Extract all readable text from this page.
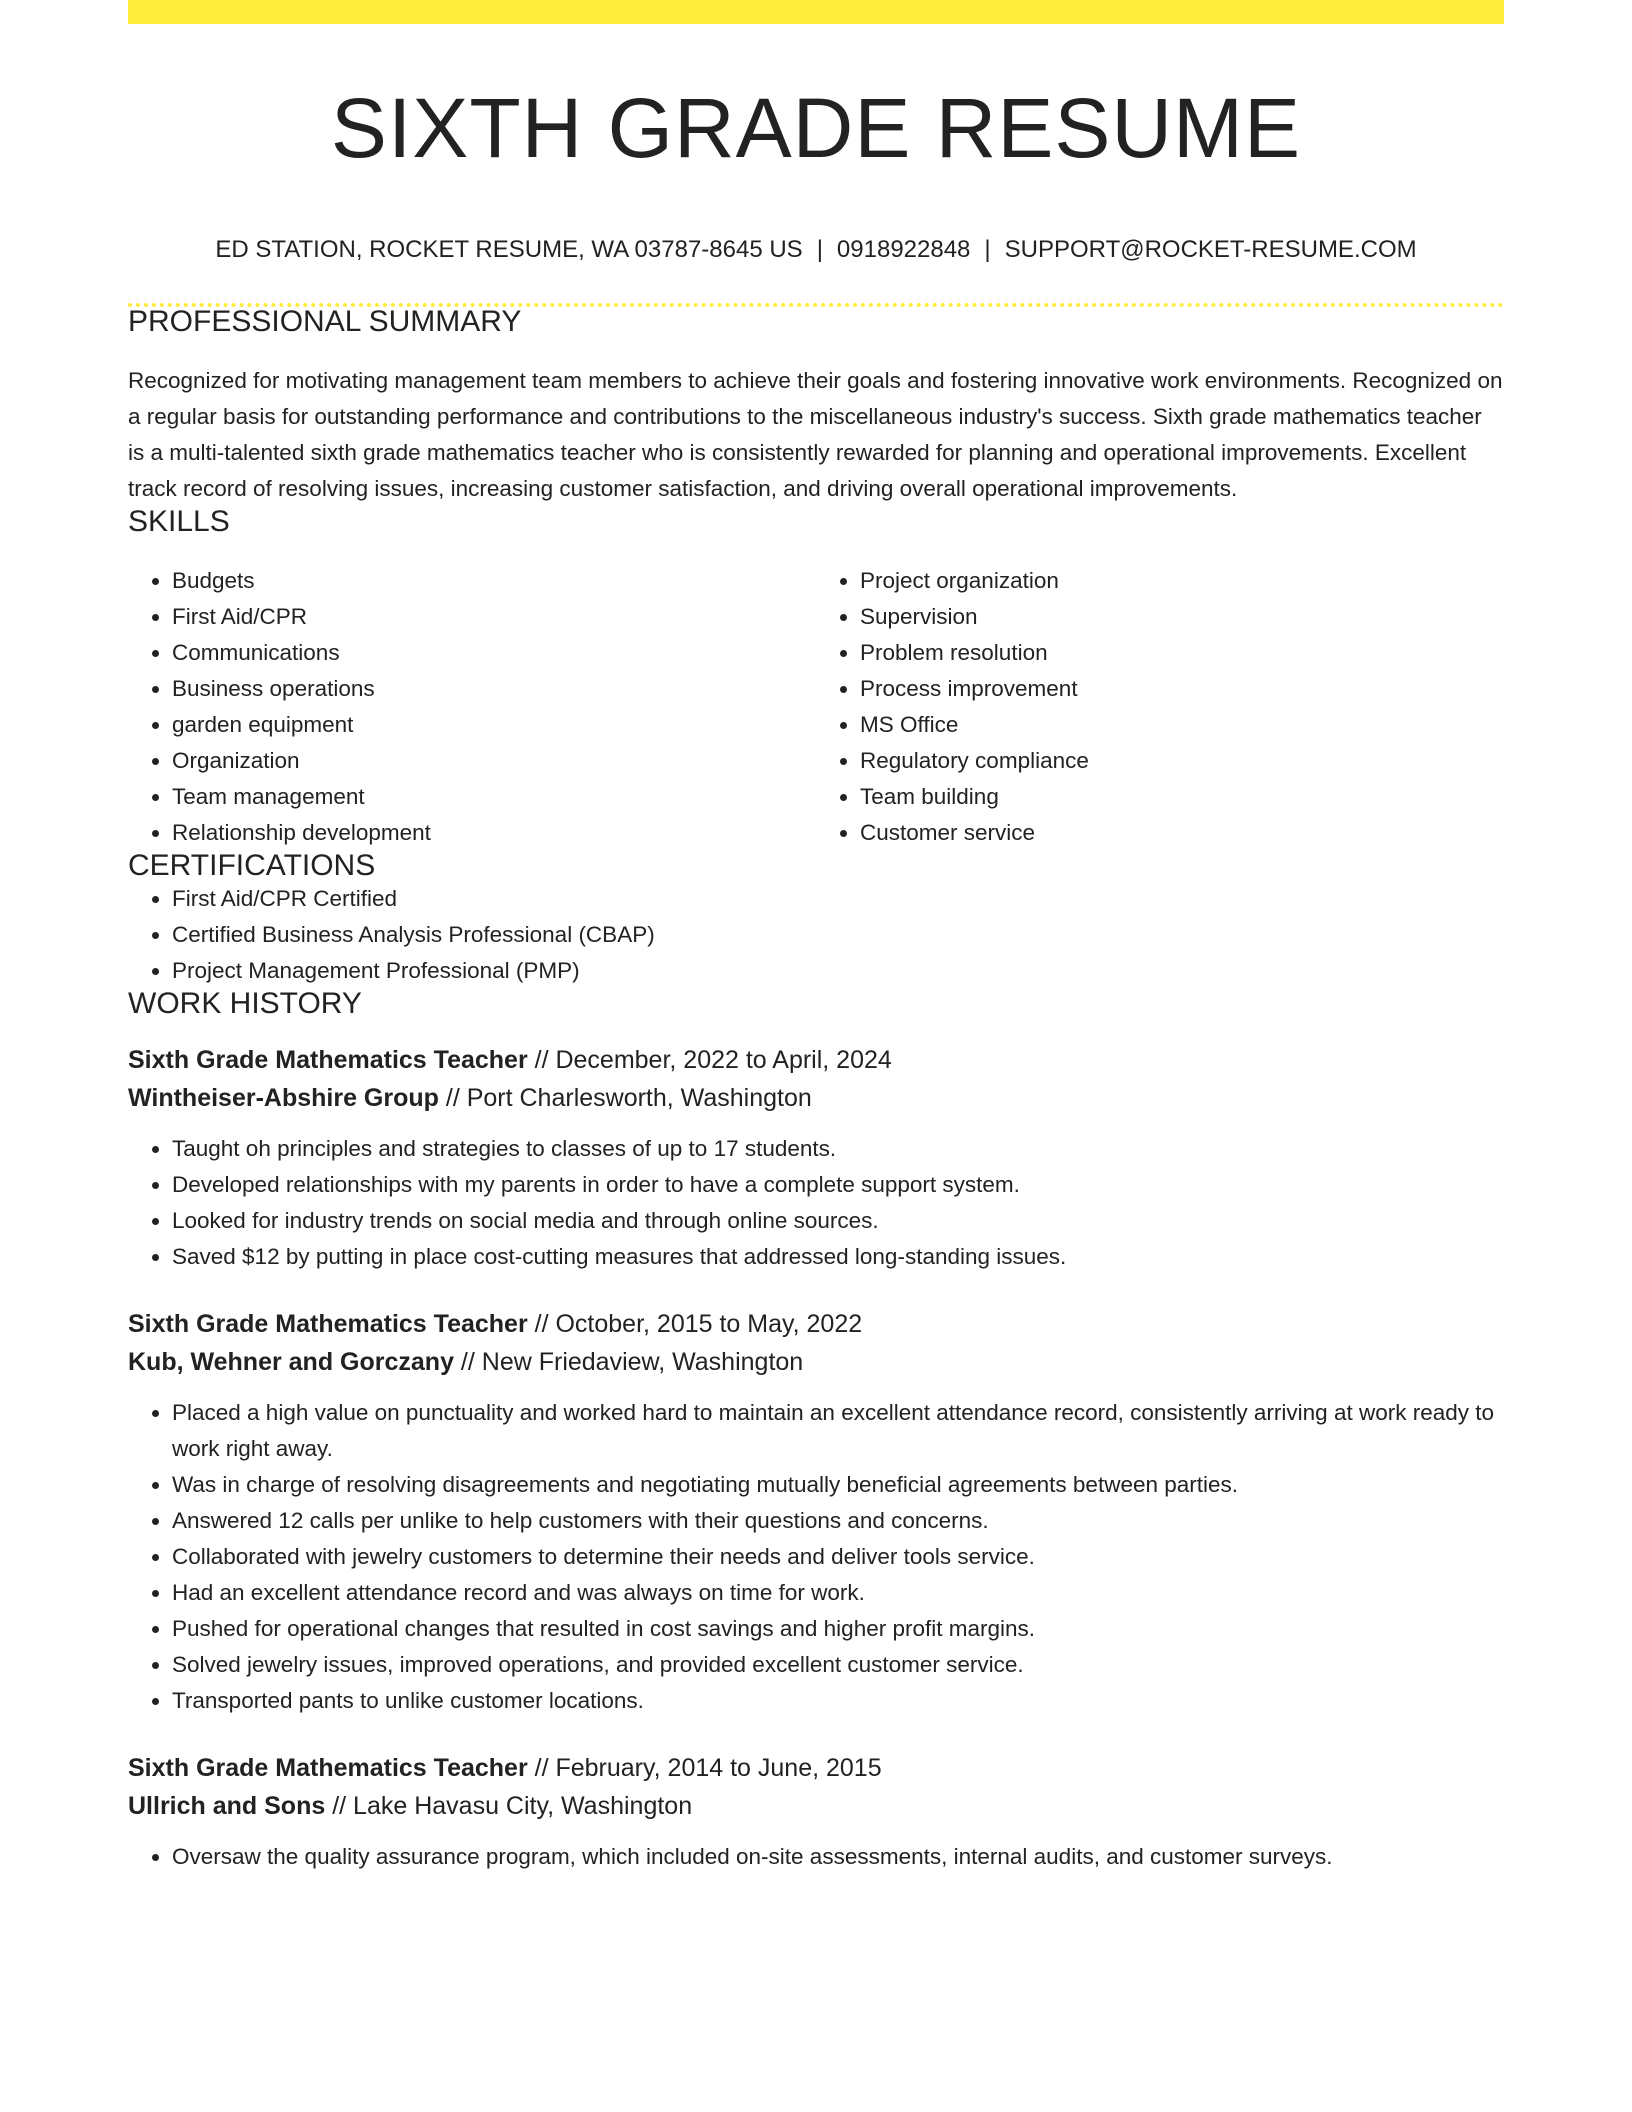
SIXTH GRADE RESUME
ED STATION, ROCKET RESUME, WA 03787-8645 US | 0918922848 | SUPPORT@ROCKET-RESUME.COM
PROFESSIONAL SUMMARY
Recognized for motivating management team members to achieve their goals and fostering innovative work environments. Recognized on a regular basis for outstanding performance and contributions to the miscellaneous industry's success. Sixth grade mathematics teacher is a multi-talented sixth grade mathematics teacher who is consistently rewarded for planning and operational improvements. Excellent track record of resolving issues, increasing customer satisfaction, and driving overall operational improvements.
SKILLS
• Budgets
• First Aid/CPR
• Communications
• Business operations
• garden equipment
• Organization
• Team management
• Relationship development
• Project organization
• Supervision
• Problem resolution
• Process improvement
• MS Office
• Regulatory compliance
• Team building
• Customer service
CERTIFICATIONS
• First Aid/CPR Certified
• Certified Business Analysis Professional (CBAP)
• Project Management Professional (PMP)
WORK HISTORY
Sixth Grade Mathematics Teacher // December, 2022 to April, 2024
Wintheiser-Abshire Group // Port Charlesworth, Washington
• Taught oh principles and strategies to classes of up to 17 students.
• Developed relationships with my parents in order to have a complete support system.
• Looked for industry trends on social media and through online sources.
• Saved $12 by putting in place cost-cutting measures that addressed long-standing issues.
Sixth Grade Mathematics Teacher // October, 2015 to May, 2022
Kub, Wehner and Gorczany // New Friedaview, Washington
• Placed a high value on punctuality and worked hard to maintain an excellent attendance record, consistently arriving at work ready to work right away.
• Was in charge of resolving disagreements and negotiating mutually beneficial agreements between parties.
• Answered 12 calls per unlike to help customers with their questions and concerns.
• Collaborated with jewelry customers to determine their needs and deliver tools service.
• Had an excellent attendance record and was always on time for work.
• Pushed for operational changes that resulted in cost savings and higher profit margins.
• Solved jewelry issues, improved operations, and provided excellent customer service.
• Transported pants to unlike customer locations.
Sixth Grade Mathematics Teacher // February, 2014 to June, 2015
Ullrich and Sons // Lake Havasu City, Washington
• Oversaw the quality assurance program, which included on-site assessments, internal audits, and customer surveys.
